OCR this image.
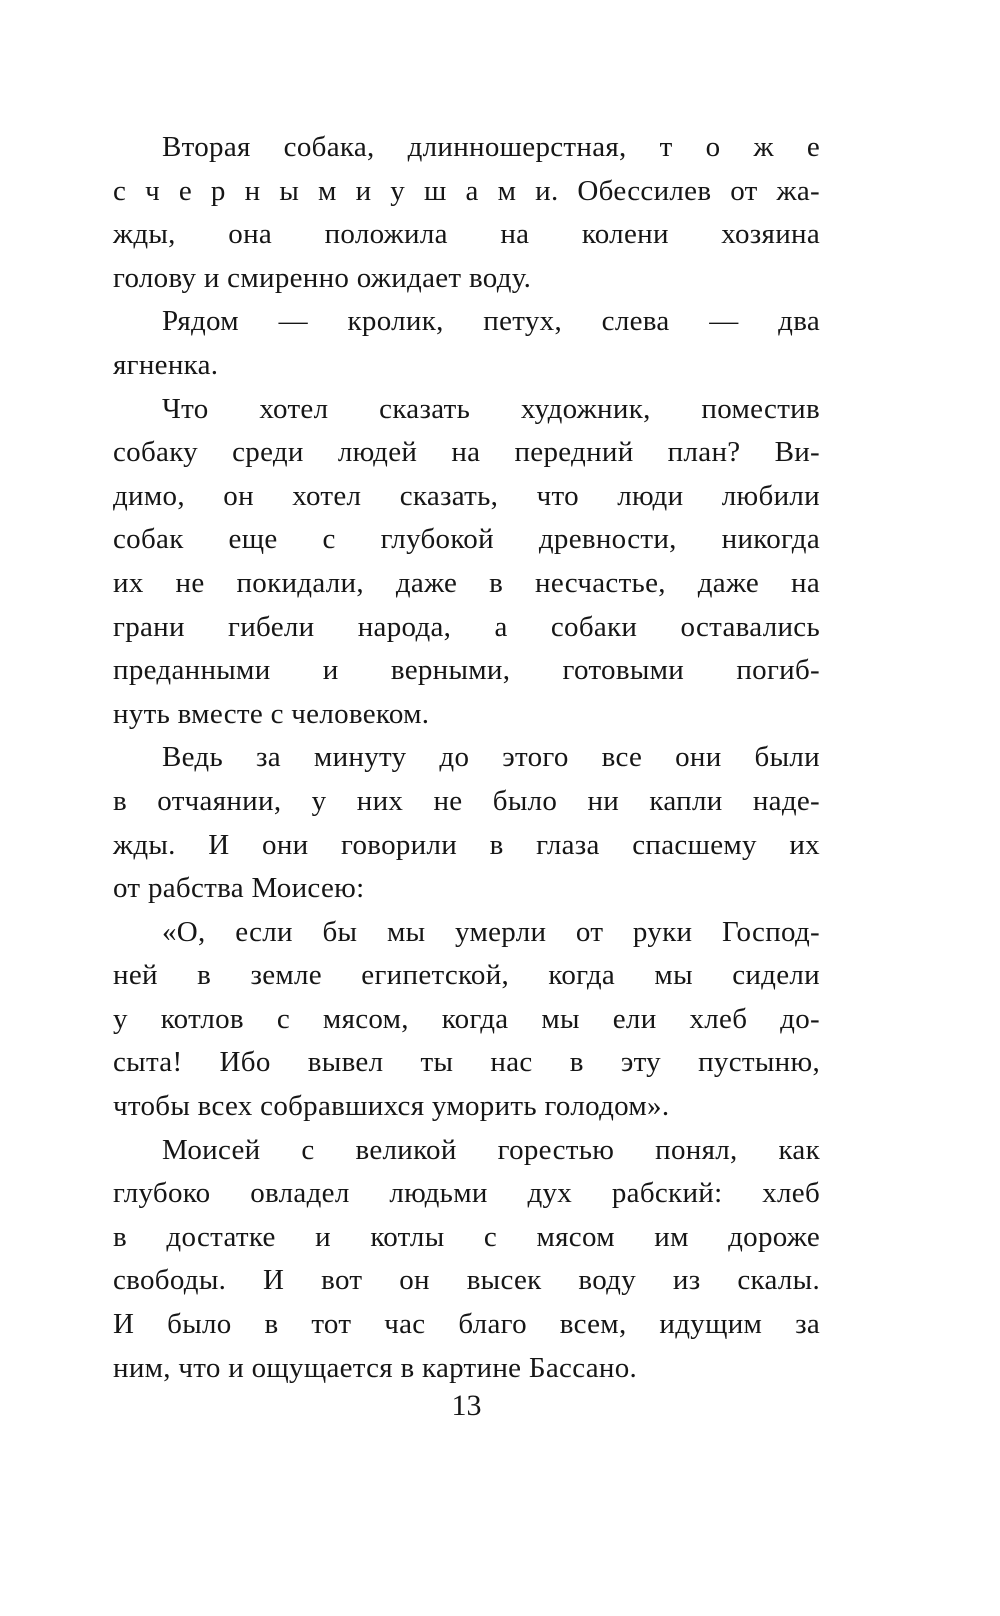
Вторая собака, длинношерстная, т о ж е
с ч е р н ы м и у ш а м и. Обессилев от жа-
жды, она положила на колени хозяина
голову и смиренно ожидает воду.
Рядом — кролик, петух, слева — два
ягненка.
Что хотел сказать художник, поместив
собаку среди людей на передний план? Ви-
димо, он хотел сказать, что люди любили
собак еще с глубокой древности, никогда
их не покидали, даже в несчастье, даже на
грани гибели народа, а собаки оставались
преданными и верными, готовыми погиб-
нуть вместе с человеком.
Ведь за минуту до этого все они были
в отчаянии, у них не было ни капли наде-
жды. И они говорили в глаза спасшему их
от рабства Моисею:
«О, если бы мы умерли от руки Господ-
ней в земле египетской, когда мы сидели
у котлов с мясом, когда мы ели хлеб до-
сыта! Ибо вывел ты нас в эту пустыню,
чтобы всех собравшихся уморить голодом».
Моисей с великой горестью понял, как
глубоко овладел людьми дух рабский: хлеб
в достатке и котлы с мясом им дороже
свободы. И вот он высек воду из скалы.
И было в тот час благо всем, идущим за
ним, что и ощущается в картине Бассано.
13
